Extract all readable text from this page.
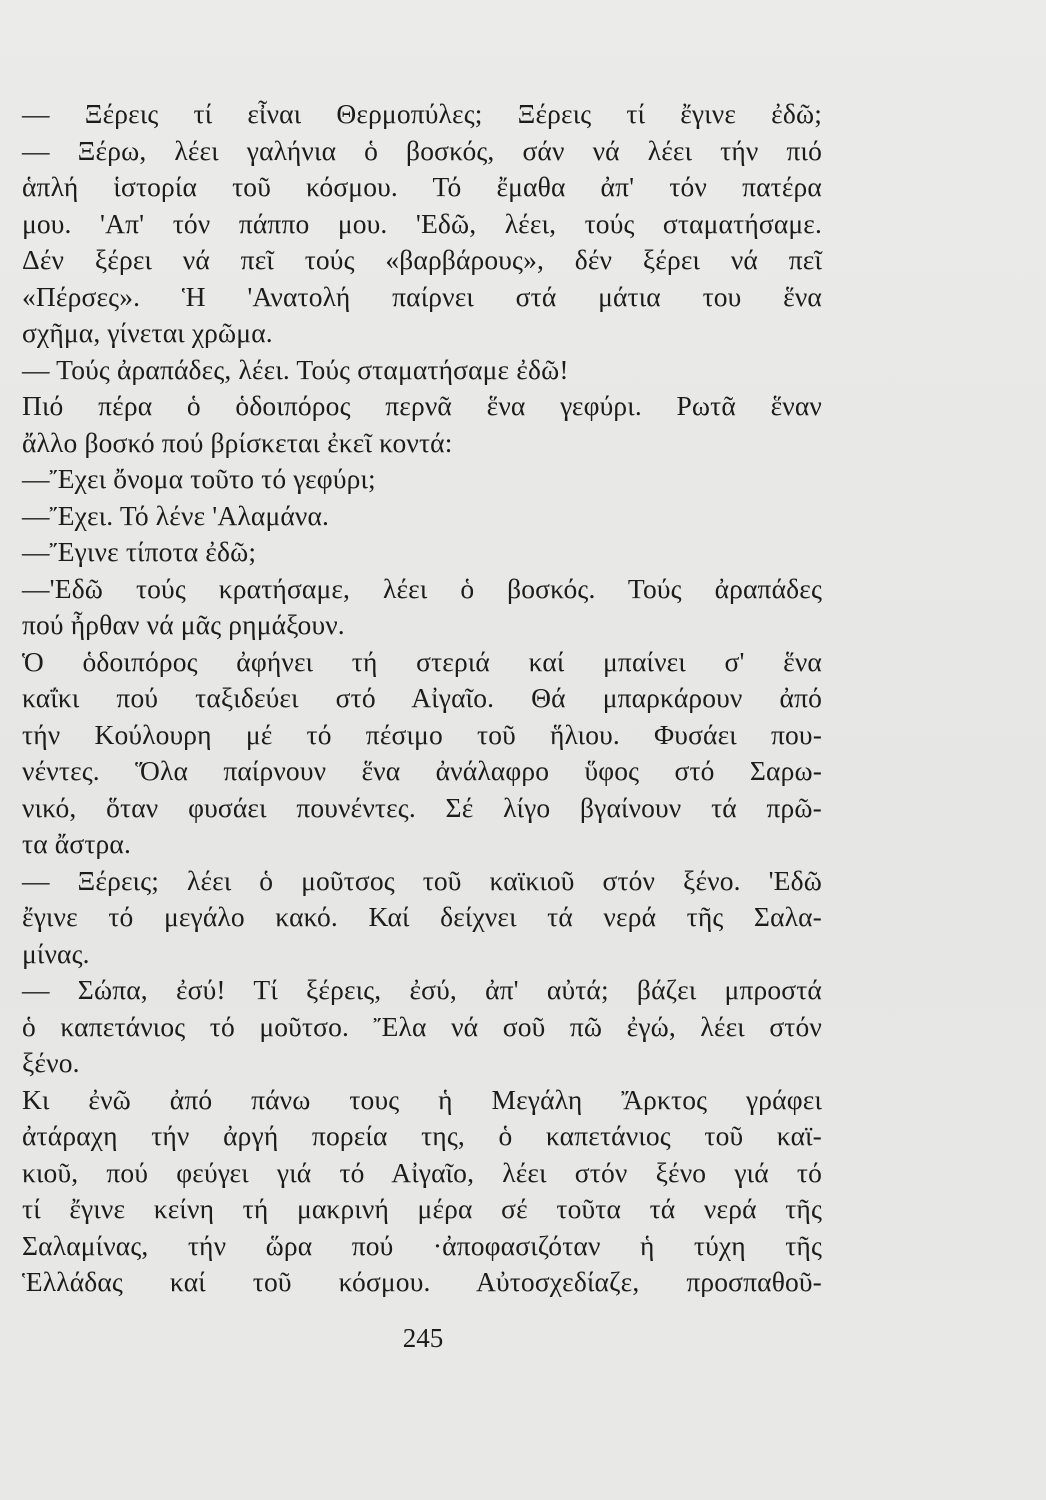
— Ξέρεις τί εἶναι Θερμοπύλες; Ξέρεις τί ἔγινε ἐδῶ;
— Ξέρω, λέει γαλήνια ὁ βοσκός, σάν νά λέει τήν πιό
ἁπλή ἱστορία τοῦ κόσμου. Τό ἔμαθα ἀπ' τόν πατέρα
μου. 'Απ' τόν πάππο μου. 'Εδῶ, λέει, τούς σταματήσαμε.
Δέν ξέρει νά πεῖ τούς «βαρβάρους», δέν ξέρει νά πεῖ
«Πέρσες». Ἡ 'Ανατολή παίρνει στά μάτια του ἕνα
σχῆμα, γίνεται χρῶμα.
— Τούς ἀραπάδες, λέει. Τούς σταματήσαμε ἐδῶ!
Πιό πέρα ὁ ὁδοιπόρος περνᾶ ἕνα γεφύρι. Ρωτᾶ ἕναν
ἄλλο βοσκό πού βρίσκεται ἐκεῖ κοντά:
—Ἔχει ὄνομα τοῦτο τό γεφύρι;
—Ἔχει. Τό λένε 'Αλαμάνα.
—Ἔγινε τίποτα ἐδῶ;
—'Εδῶ τούς κρατήσαμε, λέει ὁ βοσκός. Τούς ἀραπάδες
πού ἦρθαν νά μᾶς ρημάξουν.
Ὁ ὁδοιπόρος ἀφήνει τή στεριά καί μπαίνει σ' ἕνα
καΐκι πού ταξιδεύει στό Αἰγαῖο. Θά μπαρκάρουν ἀπό
τήν Κούλουρη μέ τό πέσιμο τοῦ ἥλιου. Φυσάει που-
νέντες. Ὅλα παίρνουν ἕνα ἀνάλαφρο ὕφος στό Σαρω-
νικό, ὅταν φυσάει πουνέντες. Σέ λίγο βγαίνουν τά πρῶ-
τα ἄστρα.
— Ξέρεις; λέει ὁ μοῦτσος τοῦ καϊκιοῦ στόν ξένο. 'Εδῶ
ἔγινε τό μεγάλο κακό. Καί δείχνει τά νερά τῆς Σαλα-
μίνας.
— Σώπα, ἐσύ! Τί ξέρεις, ἐσύ, ἀπ' αὐτά; βάζει μπροστά
ὁ καπετάνιος τό μοῦτσο. Ἔλα νά σοῦ πῶ ἐγώ, λέει στόν
ξένο.
Κι ἐνῶ ἀπό πάνω τους ἡ Μεγάλη Ἄρκτος γράφει
ἀτάραχη τήν ἀργή πορεία της, ὁ καπετάνιος τοῦ καϊ-
κιοῦ, πού φεύγει γιά τό Αἰγαῖο, λέει στόν ξένο γιά τό
τί ἔγινε κείνη τή μακρινή μέρα σέ τοῦτα τά νερά τῆς
Σαλαμίνας, τήν ὥρα πού ·ἀποφασιζόταν ἡ τύχη τῆς
Ἑλλάδας καί τοῦ κόσμου. Αὐτοσχεδίαζε, προσπαθοῦ-
245
